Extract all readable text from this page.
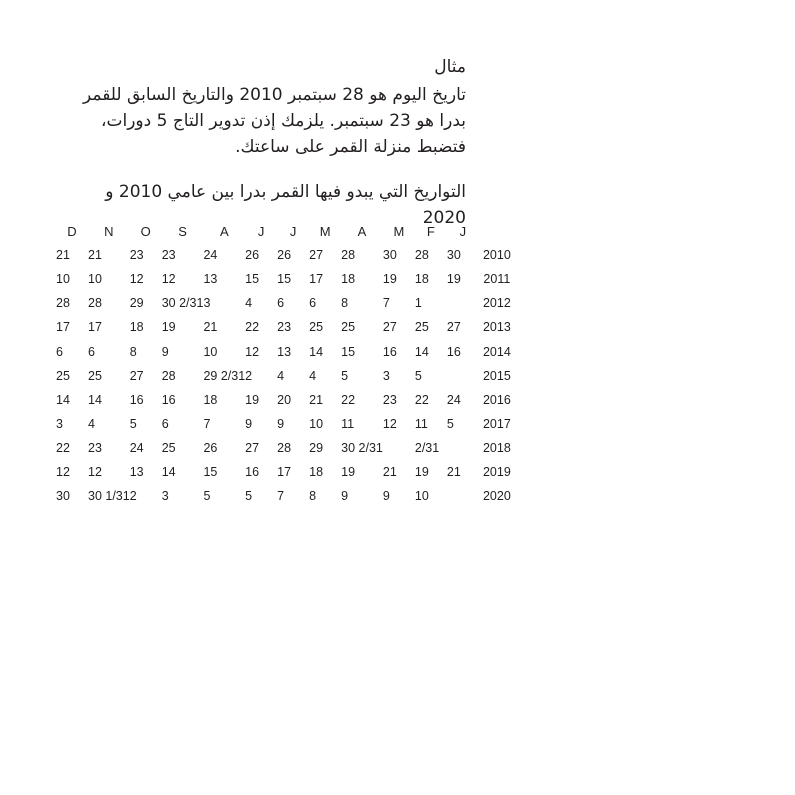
مثال

تاريخ اليوم هو 28 سبتمبر 2010 والتاريخ السابق للقمر بدرا هو 23 سبتمبر. يلزمك إذن تدوير التاج 5 دورات، فتضبط منزلة القمر على ساعتك.

التواريخ التي يبدو فيها القمر بدرا بين عامي 2010 و 2020

D	N	O	S	A	J	J	M	A	M	F	J	
21	21	23	23	24	26	26	27	28	30	28	30	2010
10	10	12	12	13	15	15	17	18	19	18	19	2011
28	28	29	30 2/31	3	4	6	6	8	7	1		2012
17	17	18	19	21	22	23	25	25	27	25	27	2013
6	6	8	9	10	12	13	14	15	16	14	16	2014
25	25	27	28	29 2/31	2	4	4	5	3	5		2015
14	14	16	16	18	19	20	21	22	23	22	24	2016
3	4	5	6	7	9	9	10	11	12	11	5	2017
22	23	24	25	26	27	28	29	30 2/31		2/31		2018
12	12	13	14	15	16	17	18	19	21	19	21	2019
30	30 1/31	2	3	5	5	7	8	9	9	10		2020
